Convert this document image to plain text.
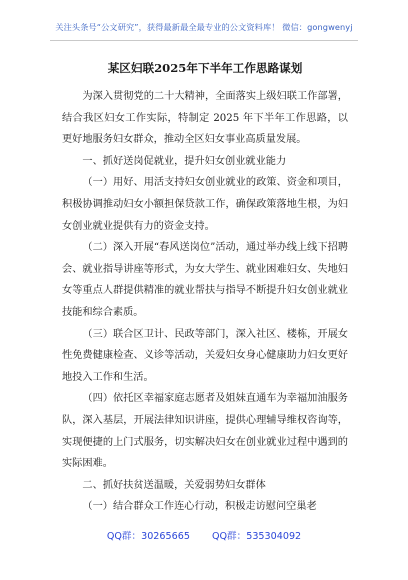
关注头条号“公文研究”，获得最新最全最专业的公文资料库！ 微信：gongwenyj
某区妇联2025年下半年工作思路谋划

为深入贯彻党的二十大精神，全面落实上级妇联工作部署，结合我区妇女工作实际，特制定 2025 年下半年工作思路，以更好地服务妇女群众，推动全区妇女事业高质量发展。

一、抓好送岗促就业，提升妇女创业就业能力

（一）用好、用活支持妇女创业就业的政策、资金和项目，积极协调推动妇女小额担保贷款工作，确保政策落地生根，为妇女创业就业提供有力的资金支持。

（二）深入开展“春风送岗位”活动，通过举办线上线下招聘会、就业指导讲座等形式，为女大学生、就业困难妇女、失地妇女等重点人群提供精准的就业帮扶与指导不断提升妇女创业就业技能和综合素质。

（三）联合区卫计、民政等部门，深入社区、楼栋，开展女性免费健康检查、义诊等活动，关爱妇女身心健康助力妇女更好地投入工作和生活。

（四）依托区幸福家庭志愿者及姐妹直通车为幸福加油服务队，深入基层，开展法律知识讲座，提供心理辅导维权咨询等，实现便捷的上门式服务，切实解决妇女在创业就业过程中遇到的实际困难。

二、抓好扶贫送温暖，关爱弱势妇女群体

（一）结合群众工作连心行动，积极走访慰问空巢老

QQ群：30265665 QQ群：535304092
